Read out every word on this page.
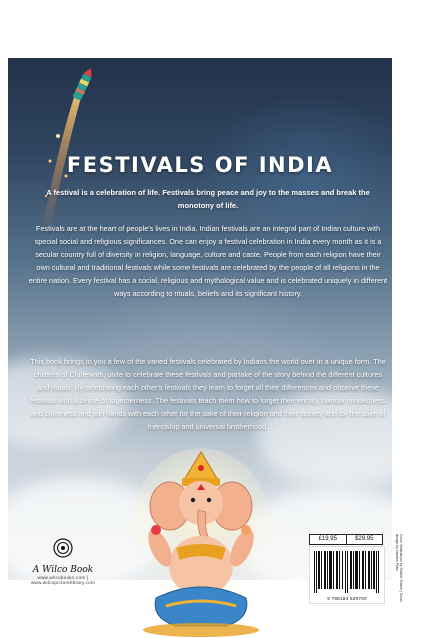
FESTIVALS OF INDIA

A festival is a celebration of life. Festivals bring peace and joy to the masses and break the monotony of life.

Festivals are at the heart of people's lives in India. Indian festivals are an integral part of Indian culture with special social and religious significances. One can enjoy a festival celebration in India every month as it is a secular country full of diversity in religion, language, culture and caste. People from each religion have their own cultural and traditional festivals while some festivals are celebrated by the people of all religions in the entire nation. Every festival has a social, religious and mythological value and is celebrated uniquely in different ways according to rituals, beliefs and its significant history.

This book brings to you a few of the varied festivals celebrated by Indians the world over in a unique form. The children of Chitlewadi, unite to celebrate these festivals and partake of the story behind the different cultures and rituals. By celebrating each other's festivals they learn to forget all their differences and observe these festivals with a sense of togetherness. The festivals teach them how to forget their enmity, narrow mindedness and bitterness and join hands with each other for the sake of their religion and their society and for the sake of friendship and universal brotherhood.

A Wilco Book
www.wilcobooks.com | www.wilcopicturelibrary.com
£19.95	$29.95
9 788183 529700	Cover illustrations by Shabin Shaikh | Cover design by Nandini Patel
